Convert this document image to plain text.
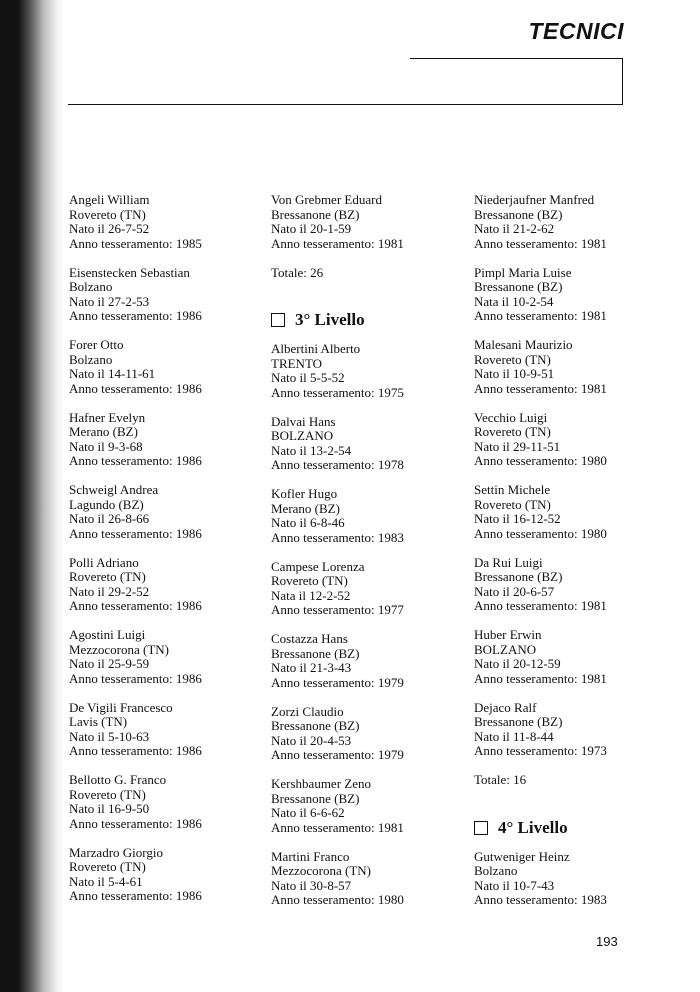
TECNICI
Angeli William
Rovereto (TN)
Nato il 26-7-52
Anno tesseramento: 1985
Eisenstecken Sebastian
Bolzano
Nato il 27-2-53
Anno tesseramento: 1986
Forer Otto
Bolzano
Nato il 14-11-61
Anno tesseramento: 1986
Hafner Evelyn
Merano (BZ)
Nato il 9-3-68
Anno tesseramento: 1986
Schweigl Andrea
Lagundo (BZ)
Nato il 26-8-66
Anno tesseramento: 1986
Polli Adriano
Rovereto (TN)
Nato il 29-2-52
Anno tesseramento: 1986
Agostini Luigi
Mezzocorona (TN)
Nato il 25-9-59
Anno tesseramento: 1986
De Vigili Francesco
Lavis (TN)
Nato il 5-10-63
Anno tesseramento: 1986
Bellotto G. Franco
Rovereto (TN)
Nato il 16-9-50
Anno tesseramento: 1986
Marzadro Giorgio
Rovereto (TN)
Nato il 5-4-61
Anno tesseramento: 1986
Von Grebmer Eduard
Bressanone (BZ)
Nato il 20-1-59
Anno tesseramento: 1981
Totale: 26
3° Livello
Albertini Alberto
TRENTO
Nato il 5-5-52
Anno tesseramento: 1975
Dalvai Hans
BOLZANO
Nato il 13-2-54
Anno tesseramento: 1978
Kofler Hugo
Merano (BZ)
Nato il 6-8-46
Anno tesseramento: 1983
Campese Lorenza
Rovereto (TN)
Nata il 12-2-52
Anno tesseramento: 1977
Costazza Hans
Bressanone (BZ)
Nato il 21-3-43
Anno tesseramento: 1979
Zorzi Claudio
Bressanone (BZ)
Nato il 20-4-53
Anno tesseramento: 1979
Kershbaumer Zeno
Bressanone (BZ)
Nato il 6-6-62
Anno tesseramento: 1981
Martini Franco
Mezzocorona (TN)
Nato il 30-8-57
Anno tesseramento: 1980
Niederjaufner Manfred
Bressanone (BZ)
Nato il 21-2-62
Anno tesseramento: 1981
Pimpl Maria Luise
Bressanone (BZ)
Nata il 10-2-54
Anno tesseramento: 1981
Malesani Maurizio
Rovereto (TN)
Nato il 10-9-51
Anno tesseramento: 1981
Vecchio Luigi
Rovereto (TN)
Nato il 29-11-51
Anno tesseramento: 1980
Settin Michele
Rovereto (TN)
Nato il 16-12-52
Anno tesseramento: 1980
Da Rui Luigi
Bressanone (BZ)
Nato il 20-6-57
Anno tesseramento: 1981
Huber Erwin
BOLZANO
Nato il 20-12-59
Anno tesseramento: 1981
Dejaco Ralf
Bressanone (BZ)
Nato il 11-8-44
Anno tesseramento: 1973
Totale: 16
4° Livello
Gutweniger Heinz
Bolzano
Nato il 10-7-43
Anno tesseramento: 1983
193
